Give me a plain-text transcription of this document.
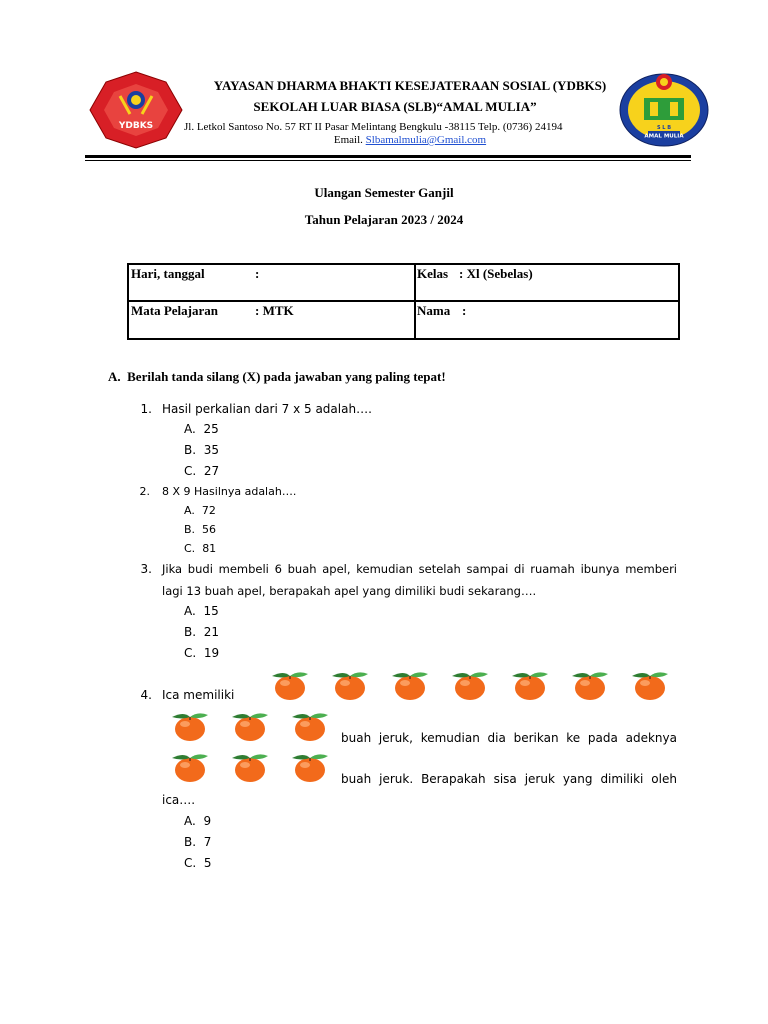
YDBKS	S L B
AMAL MULIA
YAYASAN DHARMA BHAKTI KESEJATERAAN SOSIAL (YDBKS)
SEKOLAH LUAR BIASA (SLB)“AMAL MULIA”
Jl. Letkol Santoso No. 57 RT II Pasar Melintang Bengkulu -38115 Telp. (0736) 24194
Email. Slbamalmulia@Gmail.com
Ulangan Semester Ganjil
Tahun Pelajaran 2023 / 2024
Hari, tanggal	:	Kelas : Xl (Sebelas)
Mata Pelajaran	: MTK	Nama :
A. Berilah tanda silang (X) pada jawaban yang paling tepat!
1. Hasil perkalian dari 7 x 5 adalah….
A. 25
B. 35
C. 27
2. 8 X 9 Hasilnya adalah….
A. 72
B. 56
C. 81
3. Jika budi membeli 6 buah apel, kemudian setelah sampai di ruamah ibunya memberi
lagi 13 buah apel, berapakah apel yang dimiliki budi sekarang….
A. 15
B. 21
C. 19
4. Ica memiliki
buah jeruk, kemudian dia berikan ke pada adeknya
buah jeruk. Berapakah sisa jeruk yang dimiliki oleh
ica….
A. 9
B. 7
C. 5
